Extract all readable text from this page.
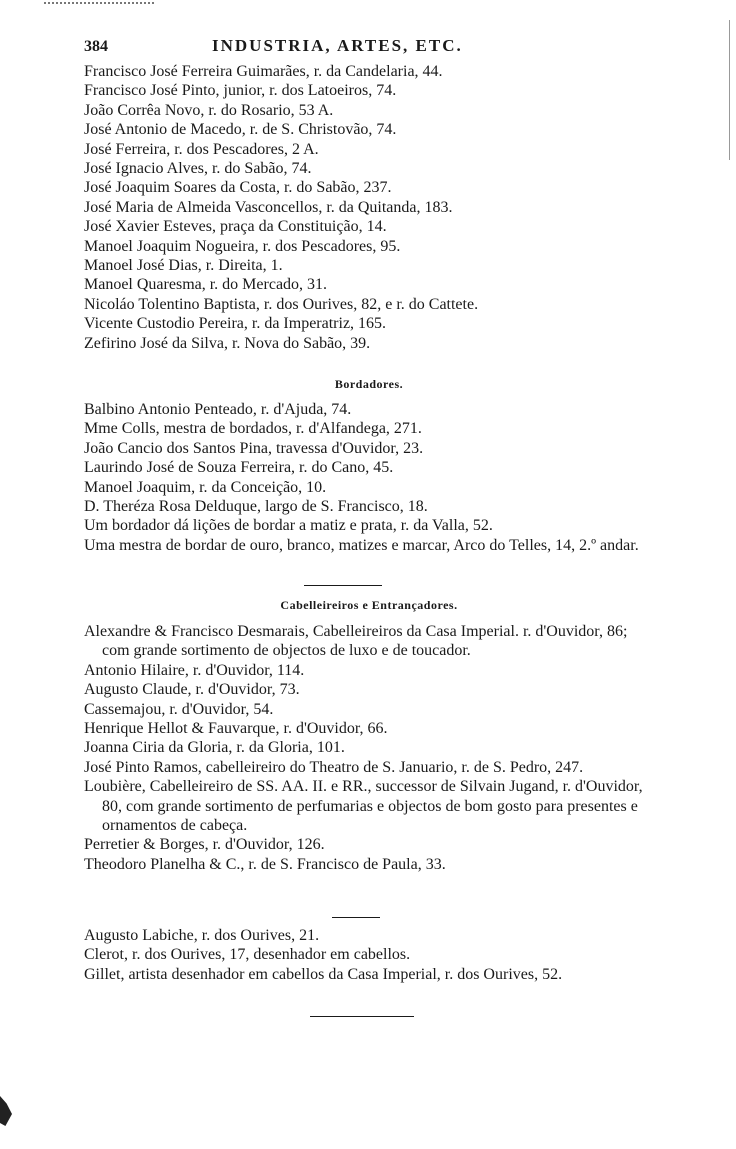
384	INDUSTRIA, ARTES, ETC.
Francisco José Ferreira Guimarães, r. da Candelaria, 44.
Francisco José Pinto, junior, r. dos Latoeiros, 74.
João Corrêa Novo, r. do Rosario, 53 A.
José Antonio de Macedo, r. de S. Christovão, 74.
José Ferreira, r. dos Pescadores, 2 A.
José Ignacio Alves, r. do Sabão, 74.
José Joaquim Soares da Costa, r. do Sabão, 237.
José Maria de Almeida Vasconcellos, r. da Quitanda, 183.
José Xavier Esteves, praça da Constituição, 14.
Manoel Joaquim Nogueira, r. dos Pescadores, 95.
Manoel José Dias, r. Direita, 1.
Manoel Quaresma, r. do Mercado, 31.
Nicoláo Tolentino Baptista, r. dos Ourives, 82, e r. do Cattete.
Vicente Custodio Pereira, r. da Imperatriz, 165.
Zefirino José da Silva, r. Nova do Sabão, 39.
Bordadores.
Balbino Antonio Penteado, r. d'Ajuda, 74.
Mme Colls, mestra de bordados, r. d'Alfandega, 271.
João Cancio dos Santos Pina, travessa d'Ouvidor, 23.
Laurindo José de Souza Ferreira, r. do Cano, 45.
Manoel Joaquim, r. da Conceição, 10.
D. Theréza Rosa Delduque, largo de S. Francisco, 18.
Um bordador dá lições de bordar a matiz e prata, r. da Valla, 52.
Uma mestra de bordar de ouro, branco, matizes e marcar, Arco do Telles, 14, 2.º andar.
Cabelleireiros e Entrançadores.
Alexandre & Francisco Desmarais, Cabelleireiros da Casa Imperial. r. d'Ouvidor, 86; com grande sortimento de objectos de luxo e de toucador.
Antonio Hilaire, r. d'Ouvidor, 114.
Augusto Claude, r. d'Ouvidor, 73.
Cassemajou, r. d'Ouvidor, 54.
Henrique Hellot & Fauvarque, r. d'Ouvidor, 66.
Joanna Ciria da Gloria, r. da Gloria, 101.
José Pinto Ramos, cabelleireiro do Theatro de S. Januario, r. de S. Pedro, 247.
Loubière, Cabelleireiro de SS. AA. II. e RR., successor de Silvain Jugand, r. d'Ouvidor, 80, com grande sortimento de perfumarias e objectos de bom gosto para presentes e ornamentos de cabeça.
Perretier & Borges, r. d'Ouvidor, 126.
Theodoro Planelha & C., r. de S. Francisco de Paula, 33.
Augusto Labiche, r. dos Ourives, 21.
Clerot, r. dos Ourives, 17, desenhador em cabellos.
Gillet, artista desenhador em cabellos da Casa Imperial, r. dos Ourives, 52.
